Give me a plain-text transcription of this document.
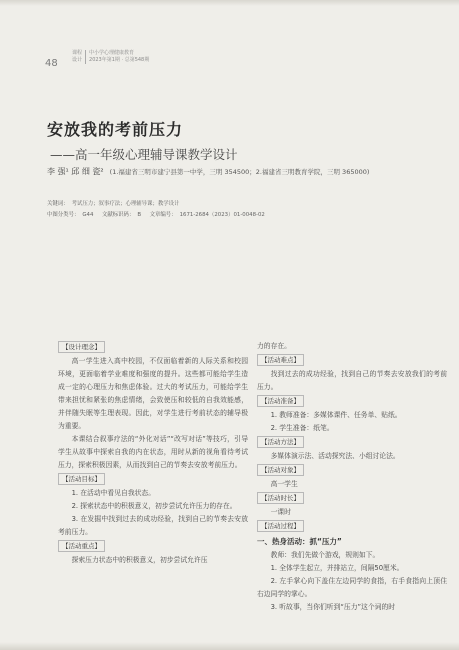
48
课程
设计中小学心理健康教育
2023年第1期 · 总第548期
安放我的考前压力
——高一年级心理辅导课教学设计
李 强¹ 邱 细 瓷² (1.福建省三明市建宁县第一中学，三明 354500；2.福建省三明教育学院，三明 365000)
关键词： 考试压力；叙事疗法；心理辅导课；教学设计
中图分类号： G44 文献标识码： B 文章编号： 1671-2684（2023）01-0048-02
【设计理念】

高一学生进入高中校园，不仅面临着新的人际关系和校园环境，更面临着学业难度和强度的提升。这些都可能给学生造成一定的心理压力和焦虑体验。过大的考试压力，可能给学生带来担忧和紧张的焦虑情绪，会致使压和较低的自我效能感，并伴随失眠等生理表现。因此，对学生进行考前状态的辅导极为重要。

本课结合叙事疗法的“外化对话”“改写对话”等技巧，引导学生从故事中探索自我的内在状态，用时从新的视角看待考试压力，探索积极因素，从而找到自己的节奏去安放考前压力。

【活动目标】

1. 在活动中看见自我状态。

2. 探索状态中的积极意义，初步尝试允许压力的存在。

3. 在发掘中找到过去的成功经验，找到自己的节奏去安放考前压力。

【活动重点】

探索压力状态中的积极意义，初步尝试允许压

力的存在。

【活动难点】

找到过去的成功经验，找到自己的节奏去安放我们的考前压力。

【活动准备】

1. 教师准备：多媒体课件、任务单、贴纸。

2. 学生准备：纸笔。

【活动方法】

多媒体演示法、活动探究法、小组讨论法。

【活动对象】

高一学生

【活动时长】

一课时

【活动过程】

一、热身活动：抓“压力”

教师：我们先做个游戏，规则如下。

1. 全体学生起立，并排站立，间隔50厘米。

2. 左手掌心向下盖住左边同学的食指，右手食指向上顶住右边同学的掌心。

3. 听故事，当你们听到“压力”这个词的时
